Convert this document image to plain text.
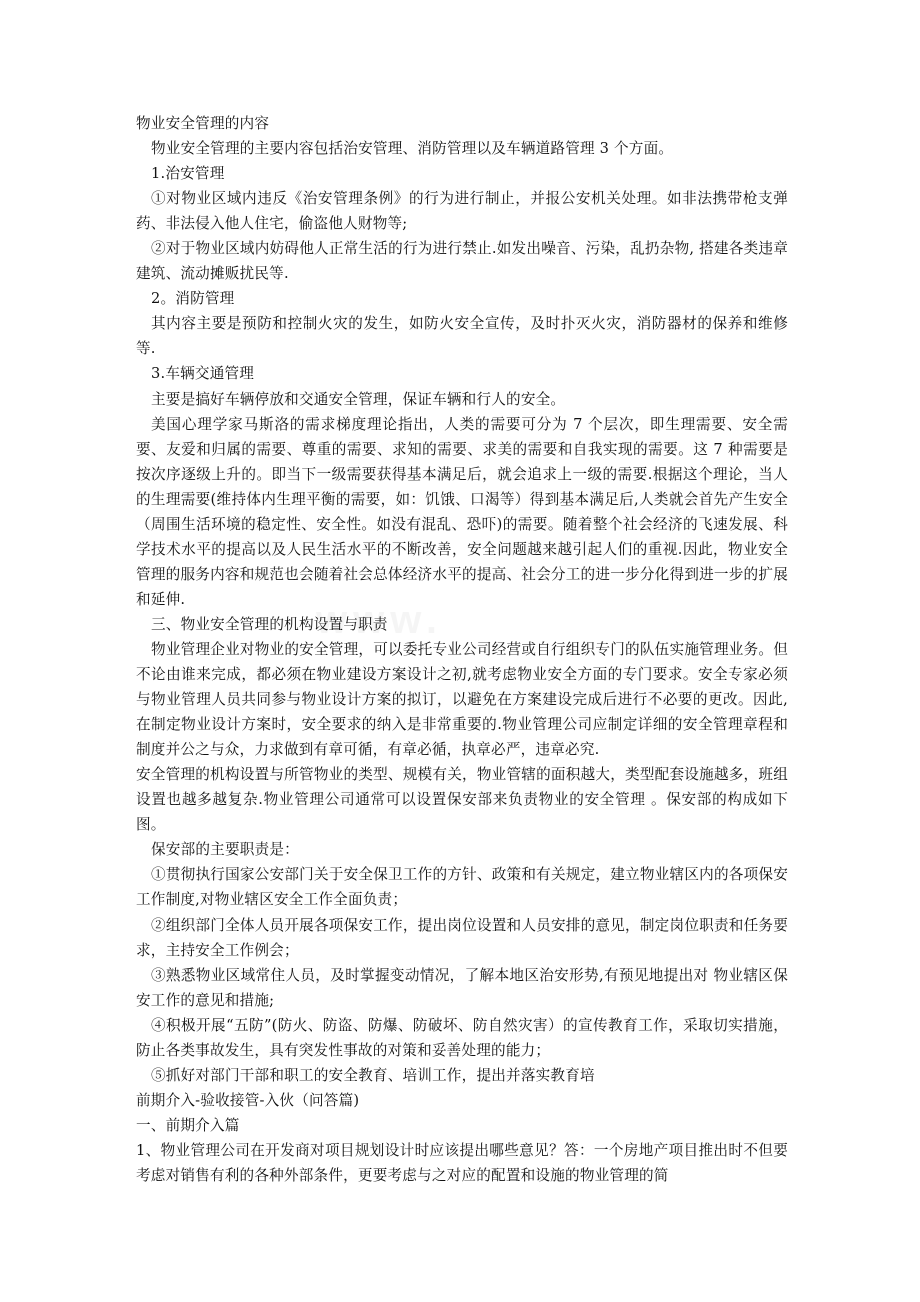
物业安全管理的内容

物业安全管理的主要内容包括治安管理、消防管理以及车辆道路管理 3 个方面。

1.治安管理

①对物业区域内违反《治安管理条例》的行为进行制止，并报公安机关处理。如非法携带枪支弹药、非法侵入他人住宅，偷盗他人财物等;

②对于物业区域内妨碍他人正常生活的行为进行禁止.如发出噪音、污染，乱扔杂物, 搭建各类违章建筑、流动摊贩扰民等.

2。消防管理

其内容主要是预防和控制火灾的发生，如防火安全宣传，及时扑灭火灾，消防器材的保养和维修等.

3.车辆交通管理

主要是搞好车辆停放和交通安全管理，保证车辆和行人的安全。

美国心理学家马斯洛的需求梯度理论指出，人类的需要可分为 7 个层次，即生理需要、安全需要、友爱和归属的需要、尊重的需要、求知的需要、求美的需要和自我实现的需要。这 7 种需要是按次序逐级上升的。即当下一级需要获得基本满足后，就会追求上一级的需要.根据这个理论，当人的生理需要(维持体内生理平衡的需要，如：饥饿、口渴等）得到基本满足后,人类就会首先产生安全（周围生活环境的稳定性、安全性。如没有混乱、恐吓)的需要。随着整个社会经济的飞速发展、科学技术水平的提高以及人民生活水平的不断改善，安全问题越来越引起人们的重视.因此，物业安全管理的服务内容和规范也会随着社会总体经济水平的提高、社会分工的进一步分化得到进一步的扩展和延伸.

三、物业安全管理的机构设置与职责

物业管理企业对物业的安全管理，可以委托专业公司经营或自行组织专门的队伍实施管理业务。但不论由谁来完成，都必须在物业建设方案设计之初,就考虑物业安全方面的专门要求。安全专家必须与物业管理人员共同参与物业设计方案的拟订，以避免在方案建设完成后进行不必要的更改。因此,在制定物业设计方案时，安全要求的纳入是非常重要的.物业管理公司应制定详细的安全管理章程和制度并公之与众，力求做到有章可循，有章必循，执章必严，违章必究.

安全管理的机构设置与所管物业的类型、规模有关，物业管辖的面积越大，类型配套设施越多，班组设置也越多越复杂.物业管理公司通常可以设置保安部来负责物业的安全管理 。保安部的构成如下图。

保安部的主要职责是：

①贯彻执行国家公安部门关于安全保卫工作的方针、政策和有关规定，建立物业辖区内的各项保安工作制度,对物业辖区安全工作全面负责；

②组织部门全体人员开展各项保安工作，提出岗位设置和人员安排的意见，制定岗位职责和任务要求，主持安全工作例会；

③熟悉物业区域常住人员，及时掌握变动情况，了解本地区治安形势,有预见地提出对 物业辖区保安工作的意见和措施;

④积极开展“五防”(防火、防盗、防爆、防破坏、防自然灾害）的宣传教育工作，采取切实措施，防止各类事故发生，具有突发性事故的对策和妥善处理的能力；

⑤抓好对部门干部和职工的安全教育、培训工作，提出并落实教育培

前期介入-验收接管-入伙（问答篇)

一、前期介入篇

1、物业管理公司在开发商对项目规划设计时应该提出哪些意见？答：一个房地产项目推出时不但要考虑对销售有利的各种外部条件，更要考虑与之对应的配置和设施的物业管理的简
